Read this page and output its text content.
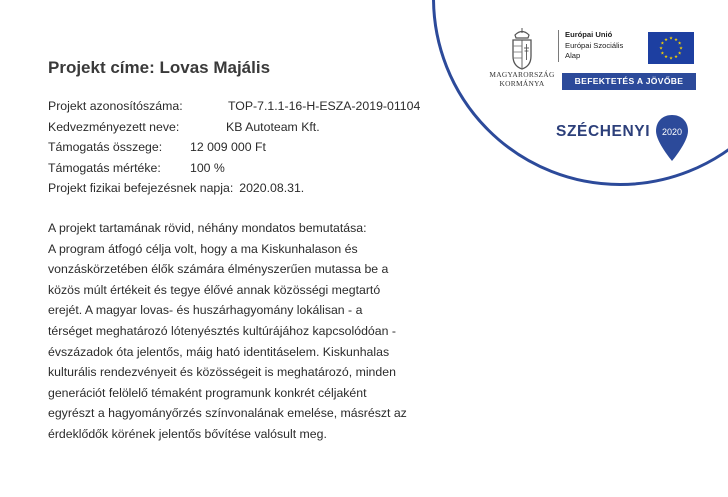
Projekt címe: Lovas Majális
Projekt azonosítószáma:	TOP-7.1.1-16-H-ESZA-2019-01104
Kedvezményezett neve:	KB Autoteam Kft.
Támogatás összege: 12 009 000 Ft
Támogatás mértéke: 100 %
Projekt fizikai befejezésnek napja: 2020.08.31.

A projekt tartamának rövid, néhány mondatos bemutatása:

A program átfogó célja volt, hogy a ma Kiskunhalason és

vonzáskörzetében élők számára élményszerűen mutassa be a

közös múlt értékeit és tegye élővé annak közösségi megtartó

erejét. A magyar lovas- és huszárhagyomány lokálisan - a

térséget meghatározó lótenyésztés kultúrájához kapcsolódóan -

évszázadok óta jelentős, máig ható identitáselem. Kiskunhalas

kulturális rendezvényeit és közösségeit is meghatározó, minden

generációt felölelő témaként programunk konkrét céljaként

egyrészt a hagyományőrzés színvonalának emelése, másrészt az

érdeklődők körének jelentős bővítése valósult meg.

MAGYARORSZÁG
KORMÁNYA
Európai Unió
Európai Szociális
Alap
★ ★
★
★
★
★
★
★
★
★
★
★
BEFEKTETÉS A JÖVŐBE
SZÉCHENYI 2020
